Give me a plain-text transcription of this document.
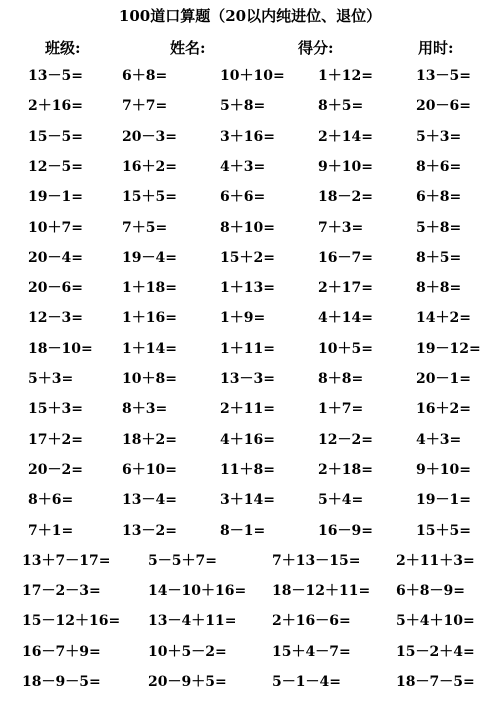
100道口算题（20以内纯进位、退位）
班级:	姓名:	得分:	用时:
13－5=	6＋8=	10＋10= 1＋12=	13－5=
2＋16=	7＋7=	5＋8=	8＋5=	20－6=
15－5=	20－3=	3＋16=	2＋14=	5＋3=
12－5=	16＋2=	4＋3=	9＋10=	8＋6=
19－1=	15＋5=	6＋6=	18－2=	6＋8=
10＋7=	7＋5=	8＋10=	7＋3=	5＋8=
20－4=	19－4=	15＋2=	16－7=	8＋5=
20－6=	1＋18=	1＋13=	2＋17=	8＋8=
12－3=	1＋16=	1＋9=	4＋14=	14＋2=
18－10= 1＋14=	1＋11=	10＋5=	19－12=
5＋3=	10＋8=	13－3=	8＋8=	20－1=
15＋3=	8＋3=	2＋11=	1＋7=	16＋2=
17＋2=	18＋2=	4＋16=	12－2=	4＋3=
20－2=	6＋10=	11＋8=	2＋18=	9＋10=
8＋6=	13－4=	3＋14=	5＋4=	19－1=
7＋1=	13－2=	8－1=	16－9=	15＋5=
13＋7－17=	5－5＋7=	7＋13－15=	2＋11＋3=
17－2－3=	14－10＋16= 18－12＋11= 6＋8－9=
15－12＋16= 13－4＋11=	2＋16－6=	5＋4＋10=
16－7＋9=	10＋5－2=	15＋4－7=	15－2＋4=
18－9－5=	20－9＋5=	5－1－4=	18－7－5=
